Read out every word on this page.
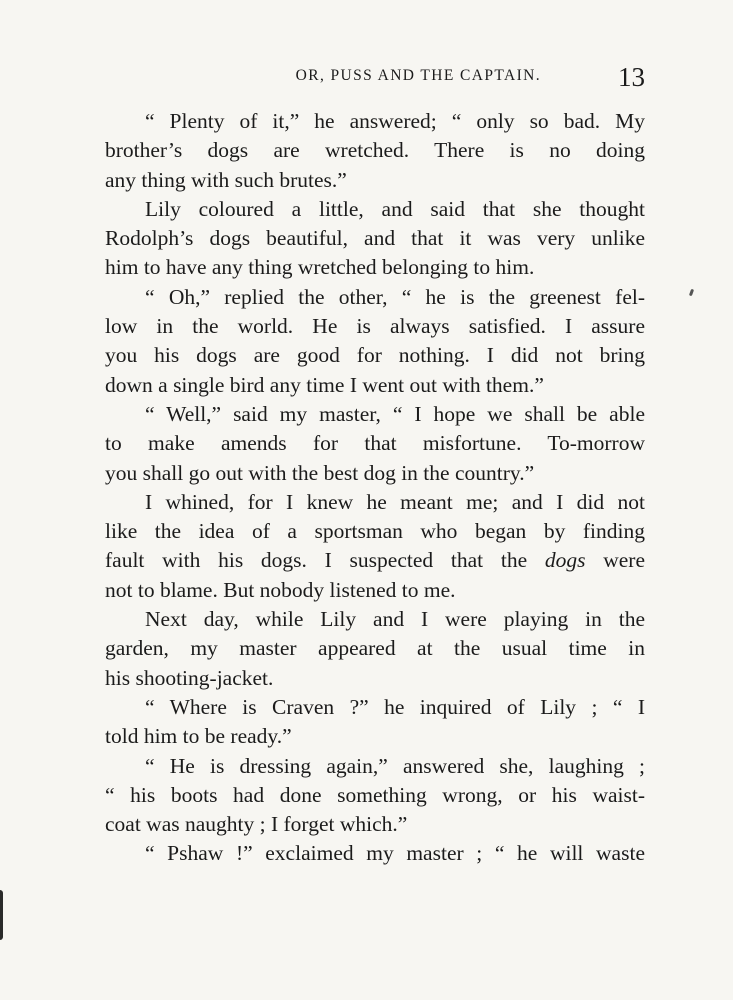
OR, PUSS AND THE CAPTAIN.	13
“ Plenty of it,” he answered; “ only so bad. My
brother’s dogs are wretched. There is no doing
any thing with such brutes.”
Lily coloured a little, and said that she thought
Rodolph’s dogs beautiful, and that it was very unlike
him to have any thing wretched belonging to him.
“ Oh,” replied the other, “ he is the greenest fel-
low in the world. He is always satisfied. I assure
you his dogs are good for nothing. I did not bring
down a single bird any time I went out with them.”
“ Well,” said my master, “ I hope we shall be able
to make amends for that misfortune. To-morrow
you shall go out with the best dog in the country.”
I whined, for I knew he meant me; and I did not
like the idea of a sportsman who began by finding
fault with his dogs. I suspected that the dogs were
not to blame. But nobody listened to me.
Next day, while Lily and I were playing in the
garden, my master appeared at the usual time in
his shooting-jacket.
“ Where is Craven ?” he inquired of Lily ; “ I
told him to be ready.”
“ He is dressing again,” answered she, laughing ;
“ his boots had done something wrong, or his waist-
coat was naughty ; I forget which.”
“ Pshaw !” exclaimed my master ; “ he will waste
